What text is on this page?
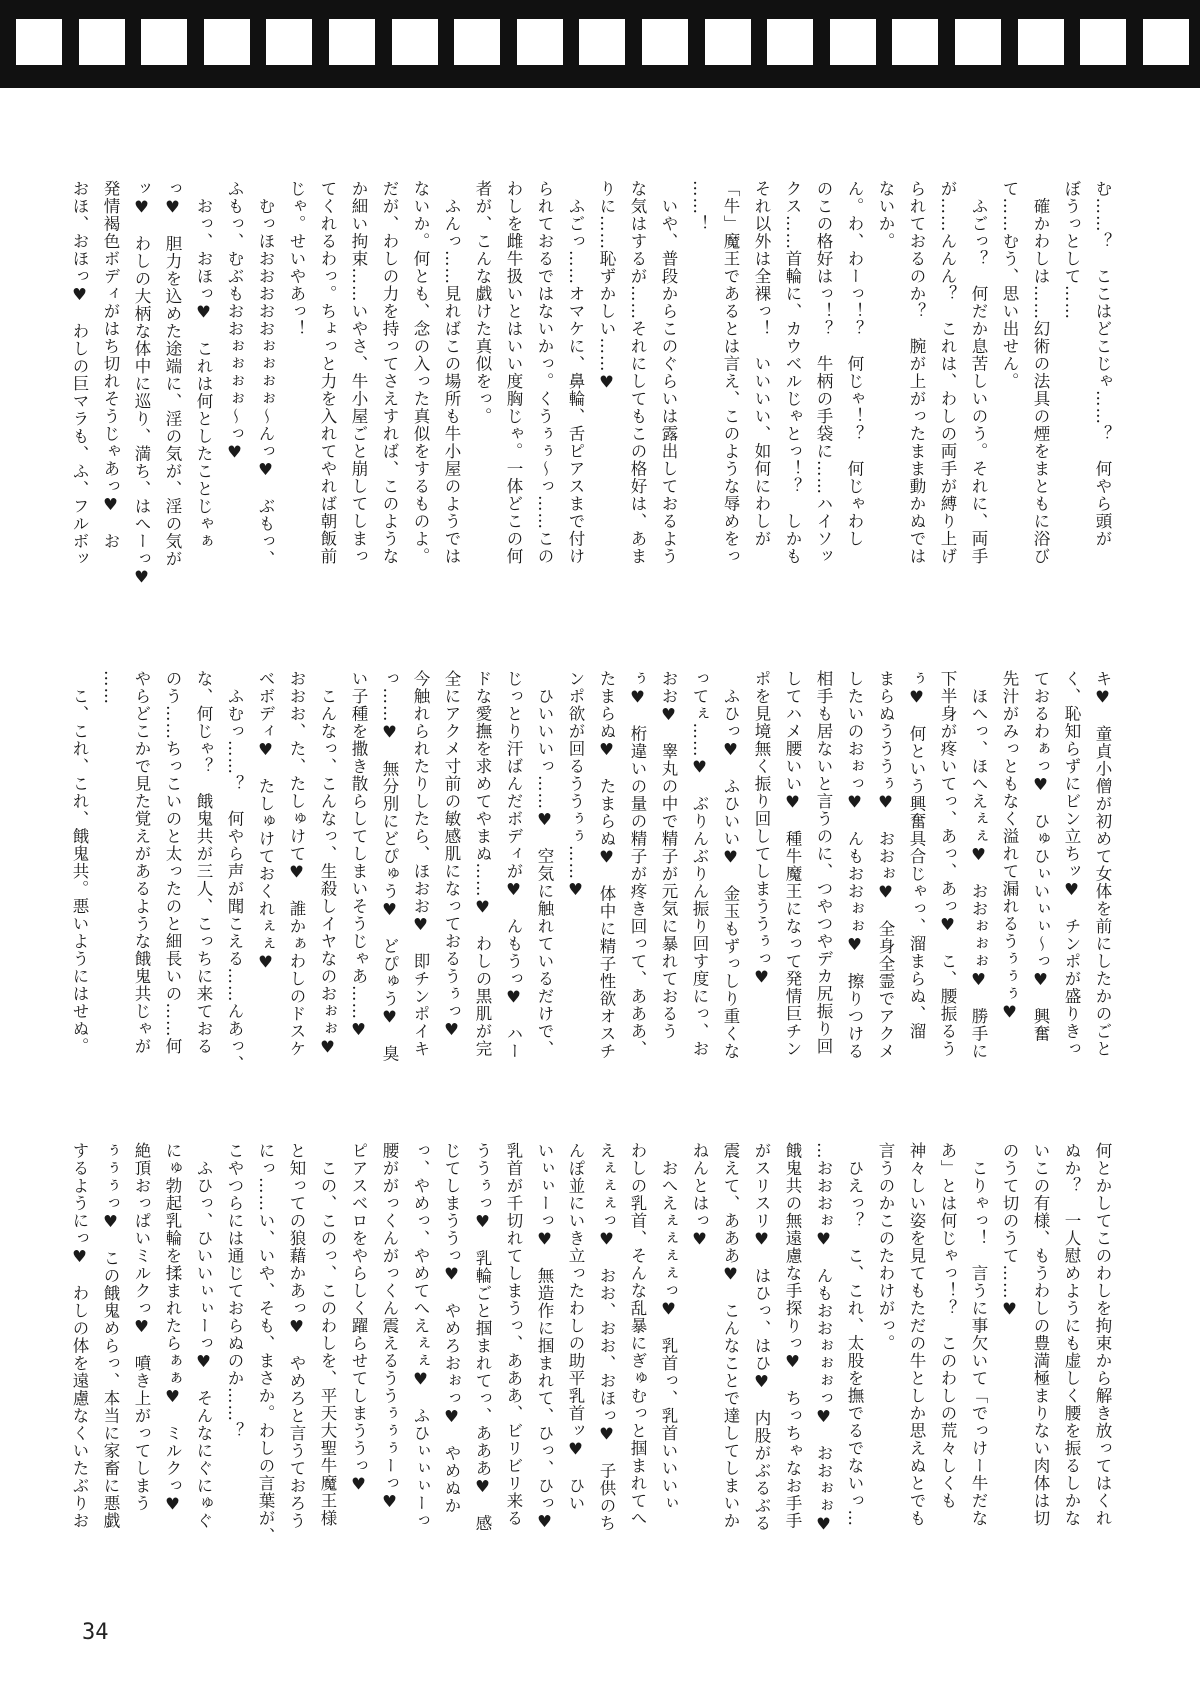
む……？　ここはどこじゃ……？　何やら頭が
ぼうっとして……
　確かわしは……幻術の法具の煙をまともに浴び
て……むう、思い出せん。
　ふごっ？　何だか息苦しいのう。それに、両手
が……んんん？　これは、わしの両手が縛り上げ
られておるのか？　腕が上がったまま動かぬでは
ないか。
ん。わ、わーっ！？　何じゃ！？　何じゃわし
のこの格好はっ！？　牛柄の手袋に……ハイソッ
クス……首輪に、カウベルじゃとっ！？　しかも
それ以外は全裸っ！　いいいい、如何にわしが
「牛」魔王であるとは言え、このような辱めをっ
……！
　いや、普段からこのぐらいは露出しておるよう
な気はするが……それにしてもこの格好は、あま
りに……恥ずかしい……♥
　ふごっ……オマケに、鼻輪、舌ピアスまで付け
られておるではないかっ。くうぅぅ～っ……この
わしを雌牛扱いとはいい度胸じゃ。一体どこの何
者が、こんな戯けた真似をっ。
　ふんっ……見ればこの場所も牛小屋のようでは
ないか。何とも、念の入った真似をするものよ。
だが、わしの力を持ってさえすれば、このような
か細い拘束……いやさ、牛小屋ごと崩してしまっ
てくれるわっ。ちょっと力を入れてやれば朝飯前
じゃ。せいやあっ！
　むっほおおおおおぉぉぉぉ～んっ♥　ぶもっ、
ふもっ、むぶもおおぉぉぉぉ～っ♥
　おっ、おほっ♥　これは何としたことじゃぁ
っ♥　胆力を込めた途端に、淫の気が、淫の気が
ッ♥　わしの大柄な体中に巡り、満ち、はへーっ♥
発情褐色ボディがはち切れそうじゃあっ♥　お
おほ、おほっ♥　わしの巨マラも、ふ、フルボッ

キ♥　童貞小僧が初めて女体を前にしたかのごと
く、恥知らずにビン立ちッ♥　チンポが盛りきっ
ておるわぁっ♥　ひゅひぃいぃぃ～っ♥　興奮
先汁がみっともなく溢れて漏れるうぅぅぅ♥
　ほへっ、ほへえぇぇ♥　おおぉぉぉ♥　勝手に
下半身が疼いてっ、あっ、あっ♥　こ、腰振るう
ぅ♥　何という興奮具合じゃっ、溜まらぬ、溜
まらぬうううぅ♥　おおぉ♥　全身全霊でアクメ
したいのおぉっ♥　んもおおぉぉ♥　擦りつける
相手も居ないと言うのに、つやつやデカ尻振り回
してハメ腰いい♥　種牛魔王になって発情巨チン
ポを見境無く振り回してしまううぅっ♥
　ふひっ♥　ふひいい♥　金玉もずっしり重くな
ってぇ……♥　ぶりんぶりん振り回す度にっ、お
おお♥　睾丸の中で精子が元気に暴れておるう
ぅ♥　桁違いの量の精子が疼き回って、あああ、
たまらぬ♥　たまらぬ♥　体中に精子性欲オスチ
ンポ欲が回るううぅぅ……♥
　ひいいいっ……♥　空気に触れているだけで、
じっとり汗ばんだボディが♥　んもうっ♥　ハー
ドな愛撫を求めてやまぬ……♥　わしの黒肌が完
全にアクメ寸前の敏感肌になっておるうぅっ♥
今触れられたりしたら、ほおお♥　即チンポイキ
っ……♥　無分別にどぴゅう♥　どぴゅう♥　臭
い子種を撒き散らしてしまいそうじゃあ……♥
　こんなっ、こんなっ、生殺しイヤなのおぉぉ♥
おおお、た、たしゅけて♥　誰かぁわしのドスケ
ベボディ♥　たしゅけておくれぇぇ♥
　ふむっ……？　何やら声が聞こえる……んあっ、
な、何じゃ？　餓鬼共が三人、こっちに来ておる
のう……ちっこいのと太ったのと細長いの……何
やらどこかで見た覚えがあるような餓鬼共じゃが
……
　こ、これ、これ、餓鬼共。悪いようにはせぬ。

何とかしてこのわしを拘束から解き放ってはくれ
ぬか？　一人慰めようにも虚しく腰を振るしかな
いこの有様、もうわしの豊満極まりない肉体は切
のうて切のうて……♥
　こりゃっ！　言うに事欠いて「でっけー牛だな
あ」とは何じゃっ！？　このわしの荒々しくも
神々しい姿を見てもただの牛としか思えぬとでも
言うのかこのたわけがっ。
　ひえっ？　こ、これ、太股を撫でるでないっ…
…おおおぉ♥　んもおおぉぉぉっ♥　おおぉぉ♥
餓鬼共の無遠慮な手探りっ♥　ちっちゃなお手手
がスリスリ♥　はひっ、はひ♥　内股がぶるぶる
震えて、あああ♥　こんなことで達してしまいか
ねんとはっ♥
　おへえぇぇぇぇっ♥　乳首っ、乳首いいいぃ
わしの乳首、そんな乱暴にぎゅむっと掴まれてへ
えぇぇぇっ♥　おお、おお、おほっ♥　子供のち
んぽ並にいき立ったわしの助平乳首ッ♥　ひい
いぃぃーっ♥　無造作に掴まれて、ひっ、ひっ♥
乳首が千切れてしまうっ、あああ、ビリビリ来る
ううぅっ♥　乳輪ごと掴まれてっ、あああ♥　感
じてしまううっ♥　やめろおぉっ♥　やめぬか
っ、やめっ、やめてへえぇぇ♥　ふひぃぃぃーっ
腰ががっくんがっくん震えるううぅぅぅーっ♥
ピアスベロをやらしく躍らせてしまううっ♥
　この、このっ、このわしを、平天大聖牛魔王様
と知っての狼藉かあっ♥　やめろと言うておろう
にっ……い、いや、そも、まさか。わしの言葉が、
こやつらには通じておらぬのか……？
　ふひっ、ひいいぃぃーっ♥　そんなにぐにゅぐ
にゅ勃起乳輪を揉まれたらぁぁ♥　ミルクっ♥
絶頂おっぱいミルクっ♥　噴き上がってしまう
ぅぅぅっ♥　この餓鬼めらっ、本当に家畜に悪戯
するようにっ♥　わしの体を遠慮なくいたぶりお

34
